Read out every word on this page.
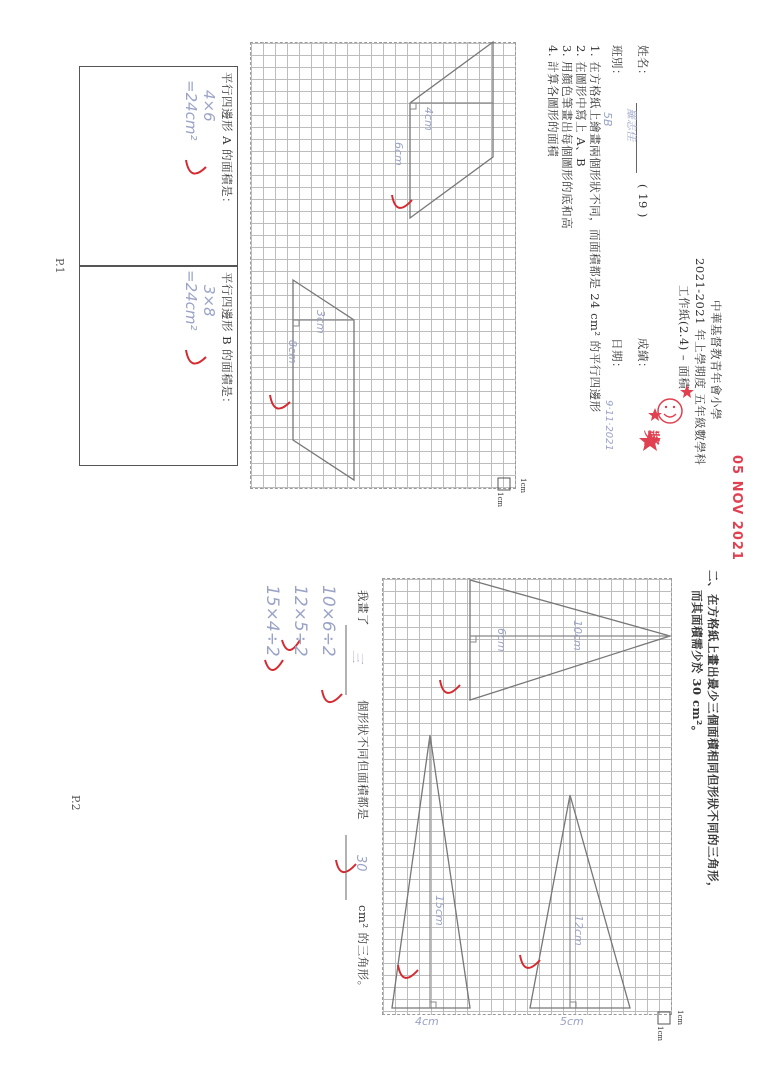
中華基督教青年會小學
2021-2021 年上學期度 五年級數學科
工作紙(2.4) – 面積
姓名：
羅志佳
( 19 )
班別：
5B
成績：
日期：
9·11·2021 獎
05 NOV 2021
1. 在方格紙上繪畫兩個形狀不同，而面積都是 24 cm² 的平行四邊形
2. 在圖形中寫上 A、B
3. 用顏色筆畫出每個圖形的底和高
4. 計算各圖形的面積
4cm
6cm
3cm
8cm
1cm
1cm
平行四邊形 A 的面積是：
4×6
=24cm²
平行四邊形 B 的面積是：
3×8
=24cm²
P.1
二、在方格紙上畫出最少三個面積相同但形狀不同的三角形，
而其面積需少於 30 cm²。
10cm
6cm
12cm
15cm
4cm	5cm	1cm
1cm
10×6÷2
12×5÷2
15×4÷2	我畫了
三
個形狀不同但面積都是
30
cm² 的三角形。
P.2
